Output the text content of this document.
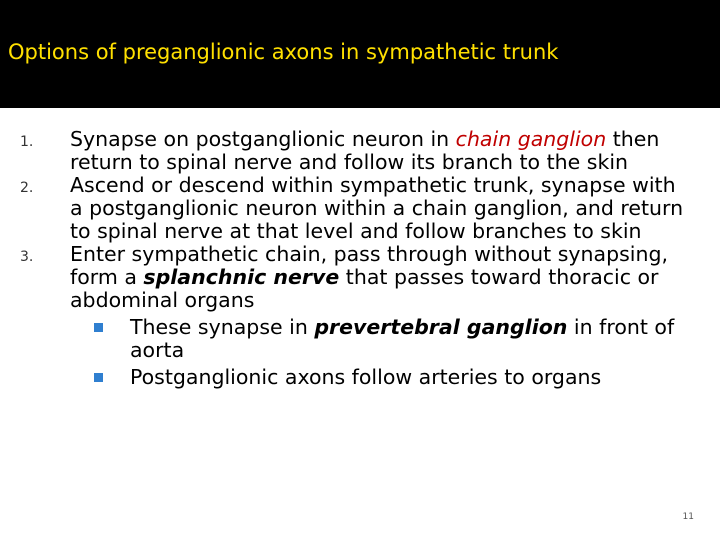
Options of preganglionic axons in sympathetic trunk
1. Synapse on postganglionic neuron in chain ganglion then return to spinal nerve and follow its branch to the skin
2. Ascend or descend within sympathetic trunk, synapse with a postganglionic neuron within a chain ganglion, and return to spinal nerve at that level and follow branches to skin
3. Enter sympathetic chain, pass through without synapsing, form a splanchnic nerve that passes toward thoracic or abdominal organs
These synapse in prevertebral ganglion in front of aorta
Postganglionic axons follow arteries to organs
11
